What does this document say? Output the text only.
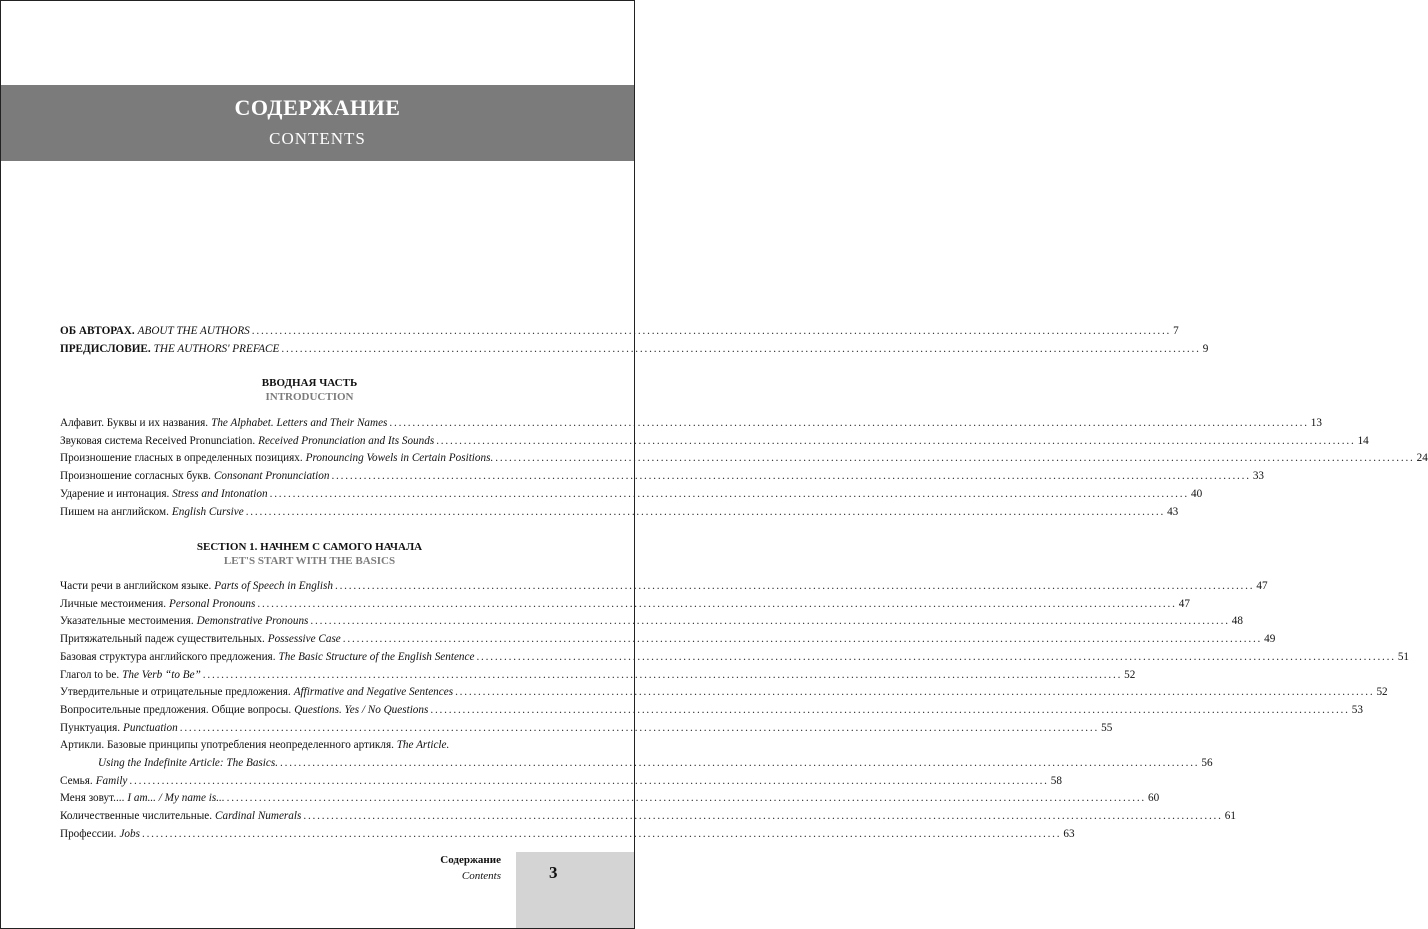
СОДЕРЖАНИЕ
CONTENTS
ОБ АВТОРАХ. ABOUT THE AUTHORS ........................................................................................................................................................................................................ 7
ПРЕДИСЛОВИЕ. THE AUTHORS' PREFACE ........................................................................................................................................................................................................ 9
ВВОДНАЯ ЧАСТЬ
INTRODUCTION
Алфавит. Буквы и их названия. The Alphabet. Letters and Their Names ........................................................................................................................................................................................................ 13
Звуковая система Received Pronunciation. Received Pronunciation and Its Sounds ........................................................................................................................................................................................................ 14
Произношение гласных в определенных позициях. Pronouncing Vowels in Certain Positions. ........................................................................................................................................................................................................ 24
Произношение согласных букв. Consonant Pronunciation ........................................................................................................................................................................................................ 33
Ударение и интонация. Stress and Intonation ........................................................................................................................................................................................................ 40
Пишем на английском. English Cursive ........................................................................................................................................................................................................ 43
SECTION 1. НАЧНЕМ С САМОГО НАЧАЛА
LET'S START WITH THE BASICS
Части речи в английском языке. Parts of Speech in English ........................................................................................................................................................................................................ 47
Личные местоимения. Personal Pronouns ........................................................................................................................................................................................................ 47
Указательные местоимения. Demonstrative Pronouns ........................................................................................................................................................................................................ 48
Притяжательный падеж существительных. Possessive Case ........................................................................................................................................................................................................ 49
Базовая структура английского предложения. The Basic Structure of the English Sentence ........................................................................................................................................................................................................ 51
Глагол to be. The Verb “to Be” ........................................................................................................................................................................................................ 52
Утвердительные и отрицательные предложения. Affirmative and Negative Sentences ........................................................................................................................................................................................................ 52
Вопросительные предложения. Общие вопросы. Questions. Yes / No Questions ........................................................................................................................................................................................................ 53
Пунктуация. Punctuation ........................................................................................................................................................................................................ 55
Артикли. Базовые принципы употребления неопределенного артикля. The Article.
Using the Indefinite Article: The Basics. ........................................................................................................................................................................................................ 56
Семья. Family ........................................................................................................................................................................................................ 58
Меня зовут.... I am... / My name is... ........................................................................................................................................................................................................ 60
Количественные числительные. Cardinal Numerals ........................................................................................................................................................................................................ 61
Профессии. Jobs ........................................................................................................................................................................................................ 63
Содержание
Contents	3
